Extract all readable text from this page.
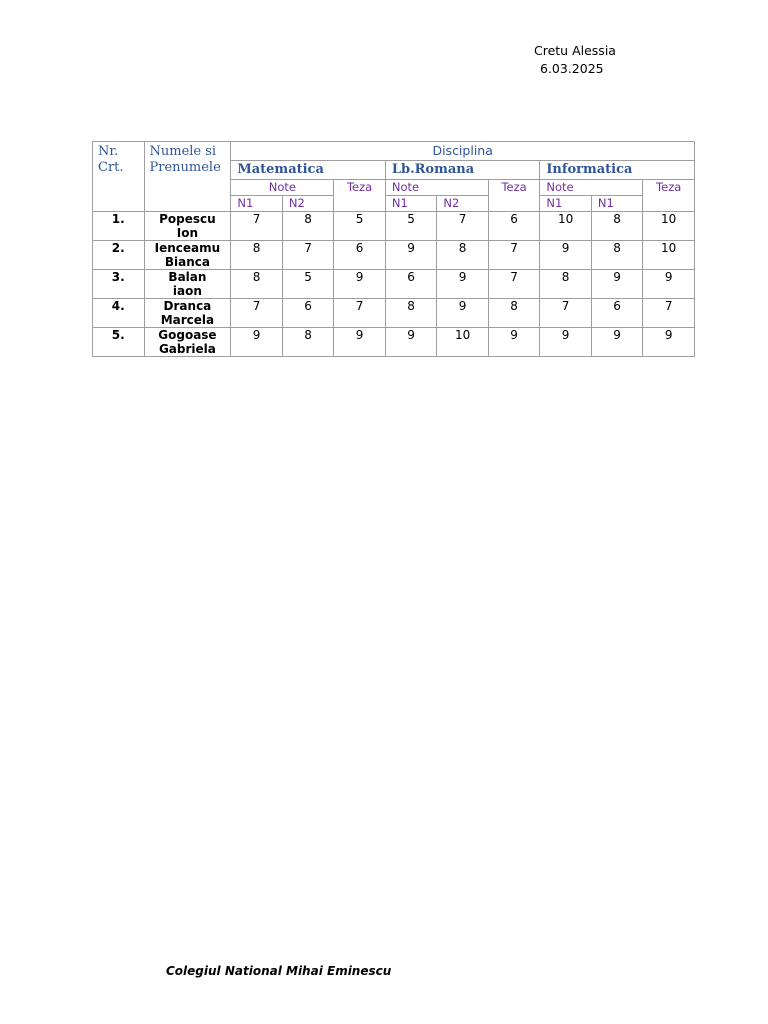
Cretu Alessia
6.03.2025
Nr. Crt.	Numele si Prenumele	Disciplina								
		Matematica			Lb.Romana			Informatica		
		Note		Teza	Note		Teza	Note		Teza
		N1	N2		N1	N2		N1	N1	
1.	Popescu
Ion	7	8	5	5	7	6	10	8	10
2.	Ienceamu
Bianca	8	7	6	9	8	7	9	8	10
3.	Balan
iaon	8	5	9	6	9	7	8	9	9
4.	Dranca
Marcela	7	6	7	8	9	8	7	6	7
5.	Gogoase
Gabriela	9	8	9	9	10	9	9	9	9
Colegiul National Mihai Eminescu
